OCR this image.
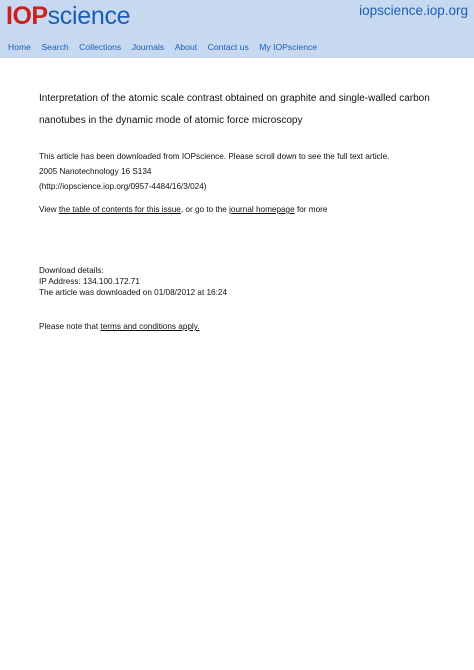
IOP science	iopscience.iop.org
Home Search Collections Journals About Contact us My IOPscience
Interpretation of the atomic scale contrast obtained on graphite and single-walled carbon
nanotubes in the dynamic mode of atomic force microscopy
This article has been downloaded from IOPscience. Please scroll down to see the full text article.
2005 Nanotechnology 16 S134
(http://iopscience.iop.org/0957-4484/16/3/024)
View the table of contents for this issue, or go to the journal homepage for more
Download details:
IP Address: 134.100.172.71
The article was downloaded on 01/08/2012 at 16:24
Please note that terms and conditions apply.
